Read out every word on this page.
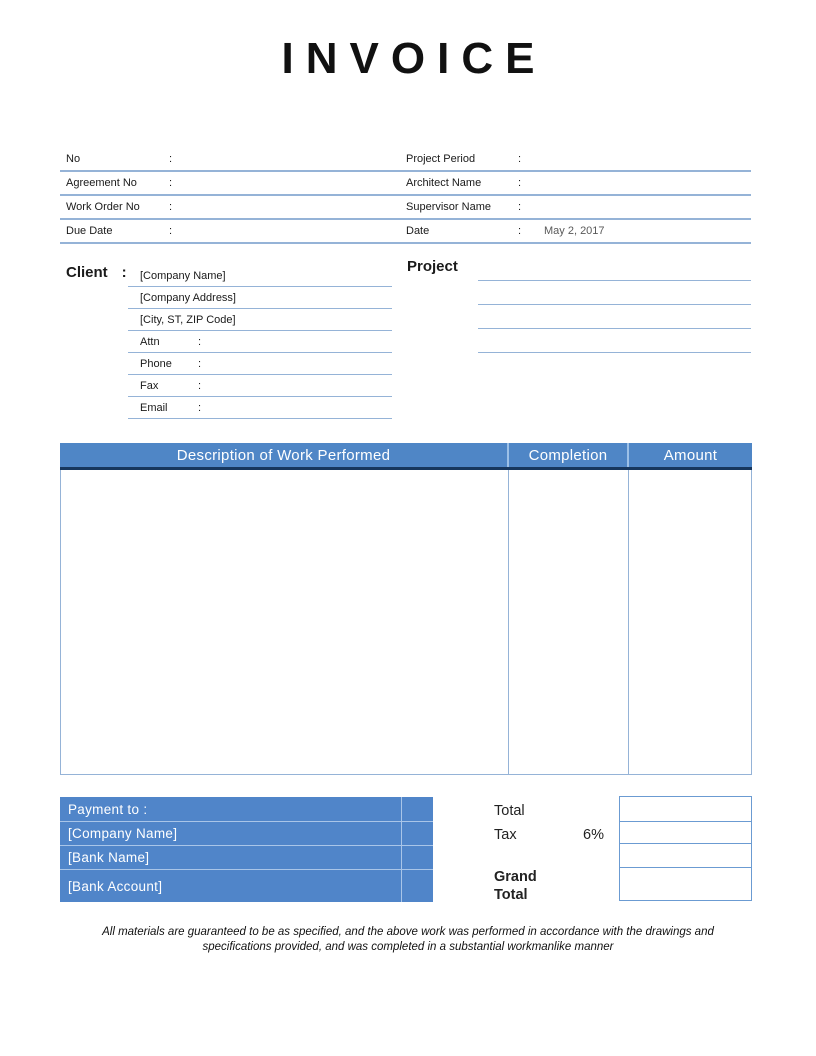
INVOICE
No	:	Project Period	:
Agreement No	:	Architect Name	:
Work Order No	:	Supervisor Name	:
Due Date	:	Date	:	May 2, 2017
Client :	[Company Name]
[Company Address]
[City, ST, ZIP Code]
Attn	:
Phone :
Fax	:
Email	:
Project
Description of Work Performed	Completion	Amount
Payment to :
[Company Name]
[Bank Name]
[Bank Account]
Total
Tax	6%
Grand Total
All materials are guaranteed to be as specified, and the above work was performed in accordance with the drawings and
specifications provided, and was completed in a substantial workmanlike manner
